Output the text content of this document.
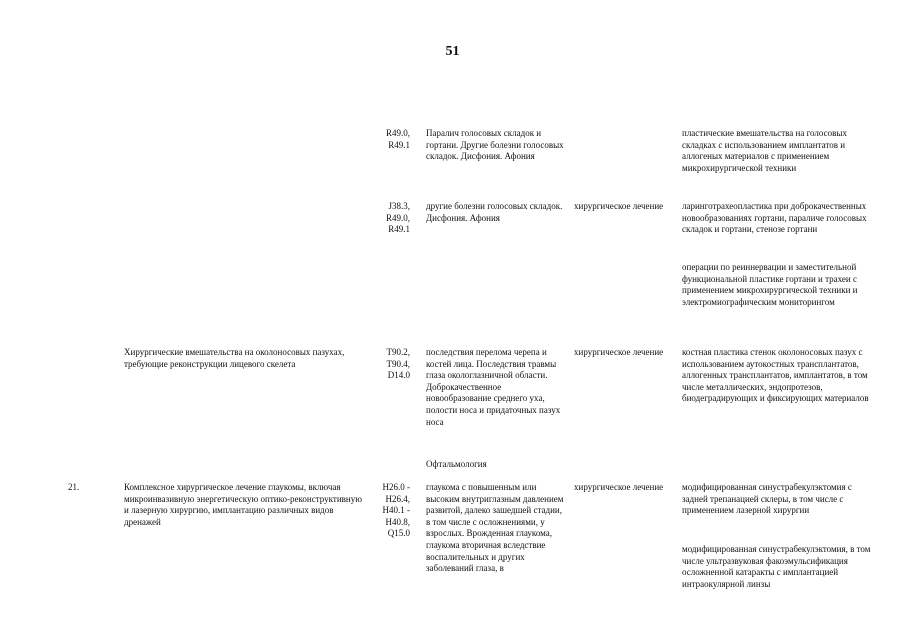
51
R49.0,
R49.1
Паралич голосовых складок и гортани. Другие болезни голосовых складок. Дисфония. Афония
пластические вмешательства на голосовых складках с использованием имплантатов и аллогеных материалов с применением микрохирургической техники
J38.3,
R49.0,
R49.1
другие болезни голосовых складок. Дисфония. Афония
хирургическое лечение ларинготрахеопластика при доброкачественных новообразованиях гортани, параличе голосовых складок и гортани, стенозе гортани
операции по реиннервации и заместительной функциональной пластике гортани и трахеи с применением микрохирургической техники и электромиографическим мониторингом
Хирургические вмешательства на околоносовых пазухах, требующие реконструкции лицевого скелета
T90.2,
T90.4,
D14.0
последствия перелома черепа и костей лица. Последствия травмы глаза окологлазничной области. Доброкачественное новообразование среднего уха, полости носа и придаточных пазух носа
хирургическое лечение костная пластика стенок околоносовых пазух с использованием аутокостных трансплантатов, аллогенных трансплантатов, имплантатов, в том числе металлических, эндопротезов, биодеградирующих и фиксирующих материалов
Офтальмология
21.	Комплексное хирургическое лечение глаукомы, включая микроинвазивную энергетическую оптико-реконструктивную и лазерную хирургию, имплантацию различных видов дренажей
H26.0 -
H26.4,
H40.1 -
H40.8,
Q15.0
глаукома с повышенным или высоким внутриглазным давлением развитой, далеко зашедшей стадии, в том числе с осложнениями, у взрослых. Врожденная глаукома, глаукома вторичная вследствие воспалительных и других заболеваний глаза, в
хирургическое лечение модифицированная синустрабекулэктомия с задней трепанацией склеры, в том числе с применением лазерной хирургии
модифицированная синустрабекулэктомия, в том числе ультразвуковая факоэмульсификация осложненной катаракты с имплантацией интраокулярной линзы
